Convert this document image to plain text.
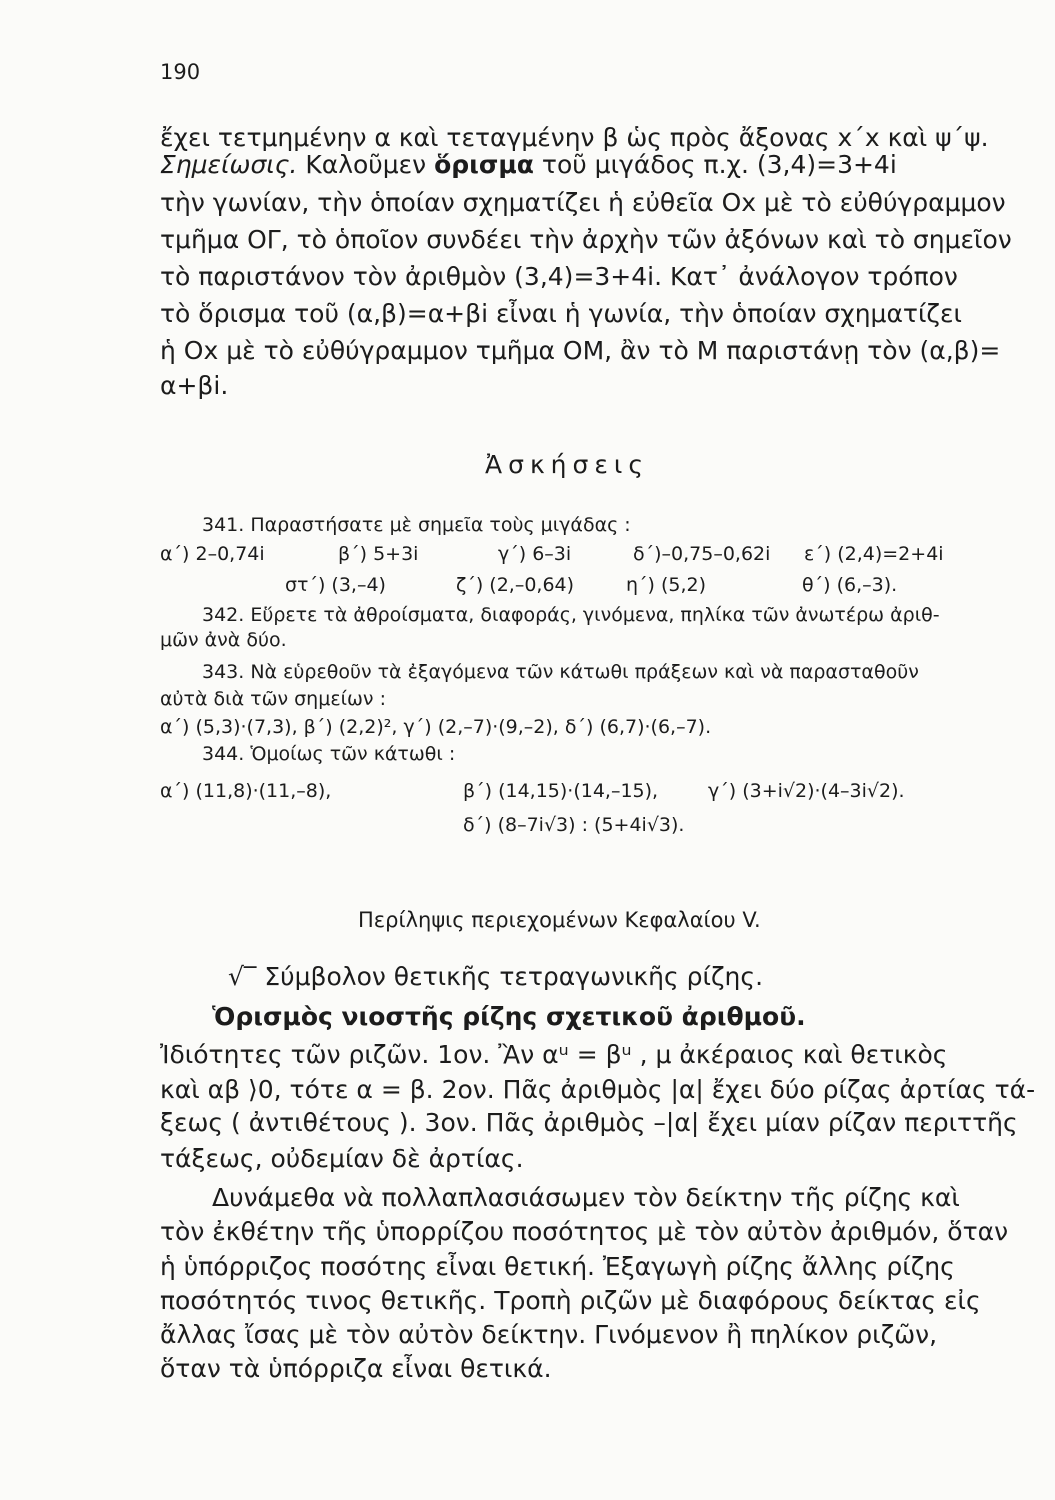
190
ἔχει τετμημένην α καὶ τεταγμένην β ὡς πρὸς ἄξονας x΄x καὶ ψ΄ψ.
Σημείωσις. Καλοῦμεν ὅρισμα τοῦ μιγάδος π.χ. (3,4)=3+4i
τὴν γωνίαν, τὴν ὁποίαν σχηματίζει ἡ εὐθεῖα Ox μὲ τὸ εὐθύγραμμον
τμῆμα ΟΓ, τὸ ὁποῖον συνδέει τὴν ἀρχὴν τῶν ἀξόνων καὶ τὸ σημεῖον
τὸ παριστάνον τὸν ἀριθμὸν (3,4)=3+4i. Κατ᾿ ἀνάλογον τρόπον
τὸ ὅρισμα τοῦ (α,β)=α+βi εἶναι ἡ γωνία, τὴν ὁποίαν σχηματίζει
ἡ Ox μὲ τὸ εὐθύγραμμον τμῆμα ΟΜ, ἂν τὸ Μ παριστάνῃ τὸν (α,β)=
α+βi.
Ἀσκήσεις
341. Παραστήσατε μὲ σημεῖα τοὺς μιγάδας :
α΄) 2–0,74i	β΄) 5+3i	γ΄) 6–3i	δ΄)–0,75–0,62i ε΄) (2,4)=2+4i
στ΄) (3,–4)	ζ΄) (2,–0,64)	η΄) (5,2)	θ΄) (6,–3).
342. Εὕρετε τὰ ἀθροίσματα, διαφοράς, γινόμενα, πηλίκα τῶν ἀνωτέρω ἀριθ-
μῶν ἀνὰ δύο.
343. Νὰ εὑρεθοῦν τὰ ἐξαγόμενα τῶν κάτωθι πράξεων καὶ νὰ παρασταθοῦν
αὐτὰ διὰ τῶν σημείων :
α΄) (5,3)·(7,3), β΄) (2,2)², γ΄) (2,–7)·(9,–2), δ΄) (6,7)·(6,–7).
344. Ὁμοίως τῶν κάτωθι :
α΄) (11,8)·(11,–8),	β΄) (14,15)·(14,–15),	γ΄) (3+i√2)·(4–3i√2).
δ΄) (8–7i√3) : (5+4i√3).
Περίληψις περιεχομένων Κεφαλαίου V.
√‾ Σύμβολον θετικῆς τετραγωνικῆς ρίζης.
Ὁρισμὸς νιοστῆς ρίζης σχετικοῦ ἀριθμοῦ.
Ἰδιότητες τῶν ριζῶν. 1ον. Ἂν αᵘ = βᵘ , μ ἀκέραιος καὶ θετικὸς
καὶ αβ ⟩0, τότε α = β. 2ον. Πᾶς ἀριθμὸς |α| ἔχει δύο ρίζας ἀρτίας τά-
ξεως ( ἀντιθέτους ). 3ον. Πᾶς ἀριθμὸς –|α| ἔχει μίαν ρίζαν περιττῆς
τάξεως, οὐδεμίαν δὲ ἀρτίας.
Δυνάμεθα νὰ πολλαπλασιάσωμεν τὸν δείκτην τῆς ρίζης καὶ
τὸν ἐκθέτην τῆς ὑπορρίζου ποσότητος μὲ τὸν αὐτὸν ἀριθμόν, ὅταν
ἡ ὑπόρριζος ποσότης εἶναι θετική. Ἐξαγωγὴ ρίζης ἄλλης ρίζης
ποσότητός τινος θετικῆς. Τροπὴ ριζῶν μὲ διαφόρους δείκτας εἰς
ἄλλας ἴσας μὲ τὸν αὐτὸν δείκτην. Γινόμενον ἢ πηλίκον ριζῶν,
ὅταν τὰ ὑπόρριζα εἶναι θετικά.
